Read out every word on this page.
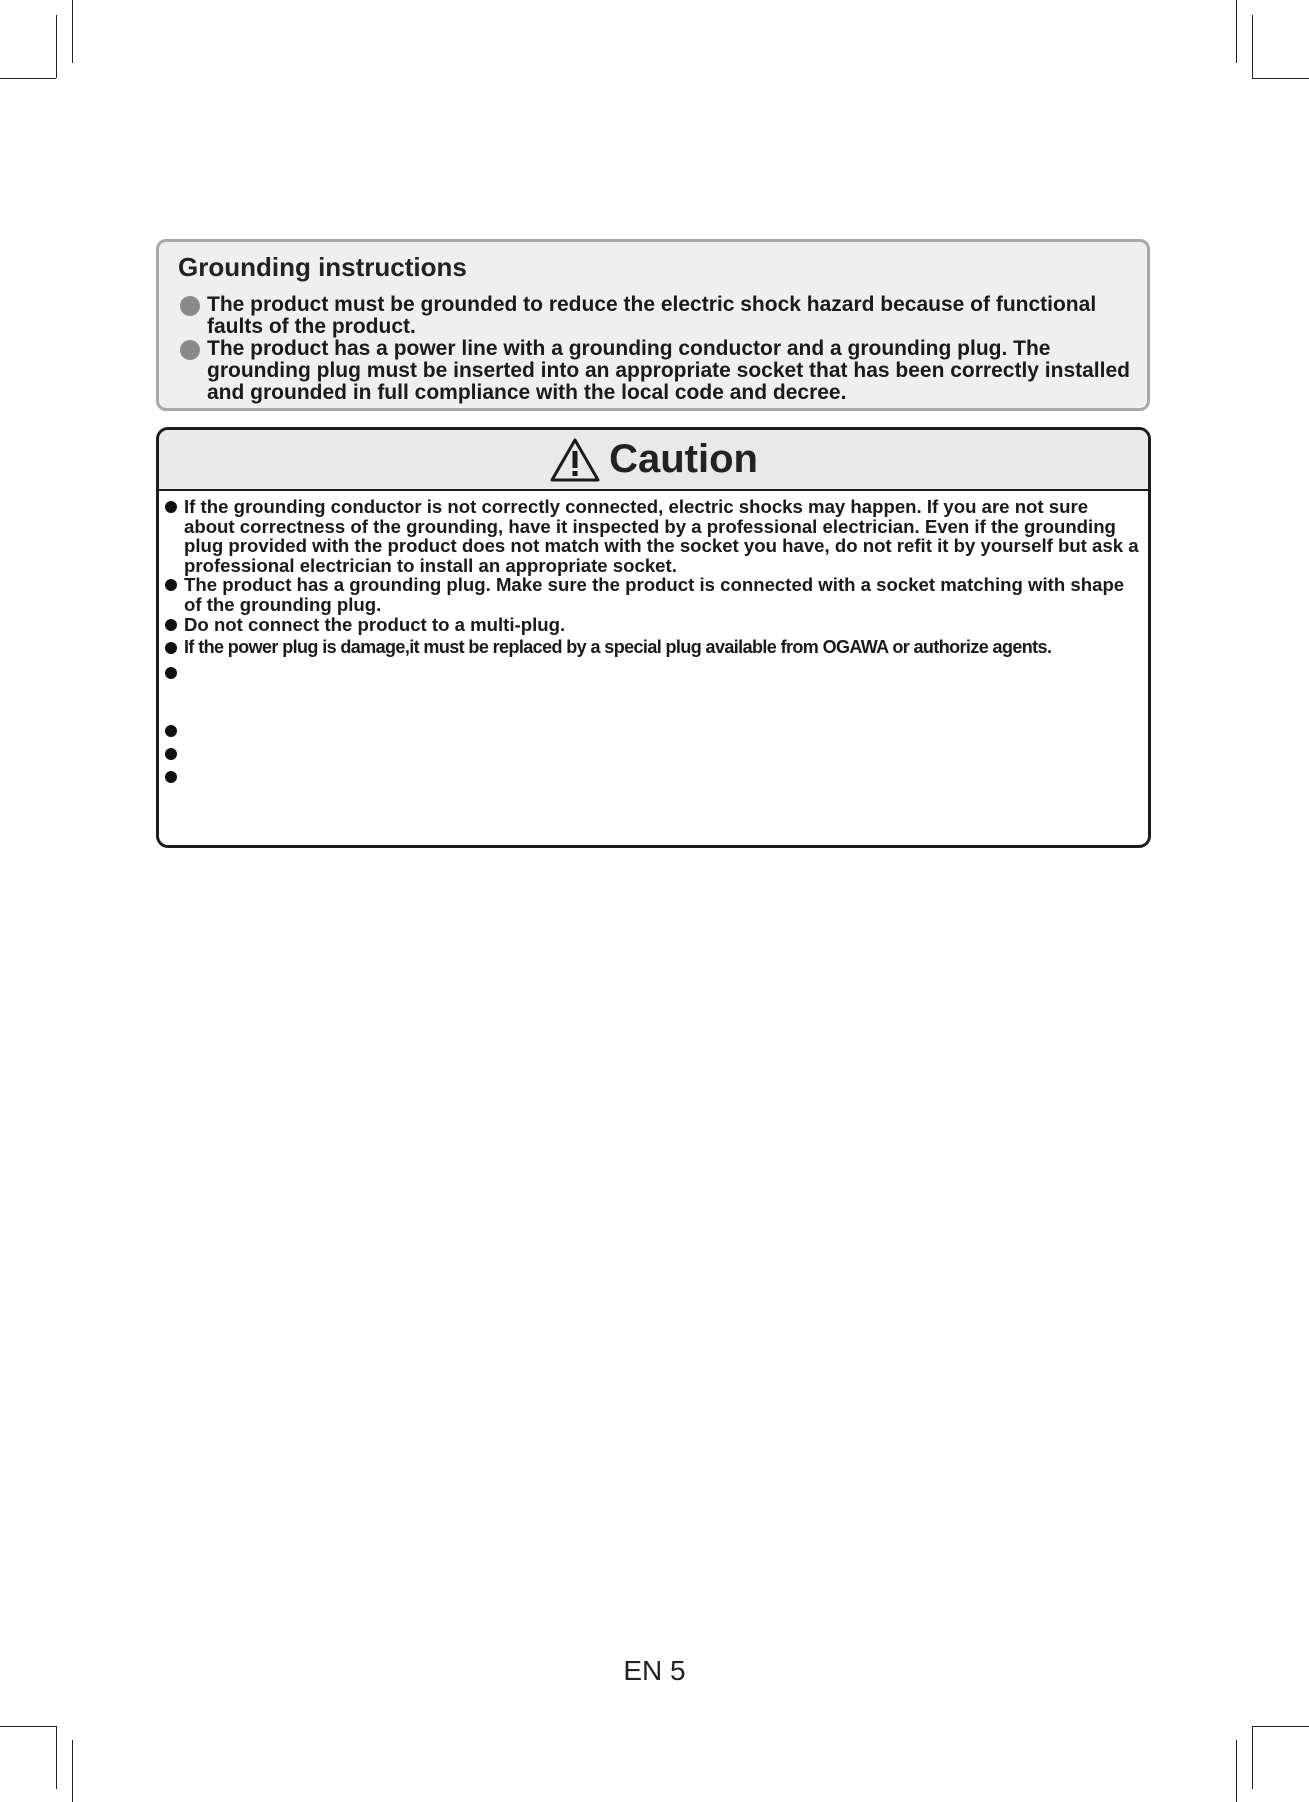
Grounding instructions
The product must be grounded to reduce the electric shock hazard because of functional faults of the product.
The product has a power line with a grounding conductor and a grounding plug. The grounding plug must be inserted into an appropriate socket that has been correctly installed and grounded in full compliance with the local code and decree.
Caution
If the grounding conductor is not correctly connected, electric shocks may happen. If you are not sure about correctness of the grounding, have it inspected by a professional electrician. Even if the grounding plug provided with the product does not match with the socket you have, do not refit it by yourself but ask a professional electrician to install an appropriate socket.
The product has a grounding plug. Make sure the product is connected with a socket matching with shape of the grounding plug.
Do not connect the product to a multi-plug.
If the power plug is damage,it must be replaced by a special plug available from OGAWA or authorize agents.
EN 5
